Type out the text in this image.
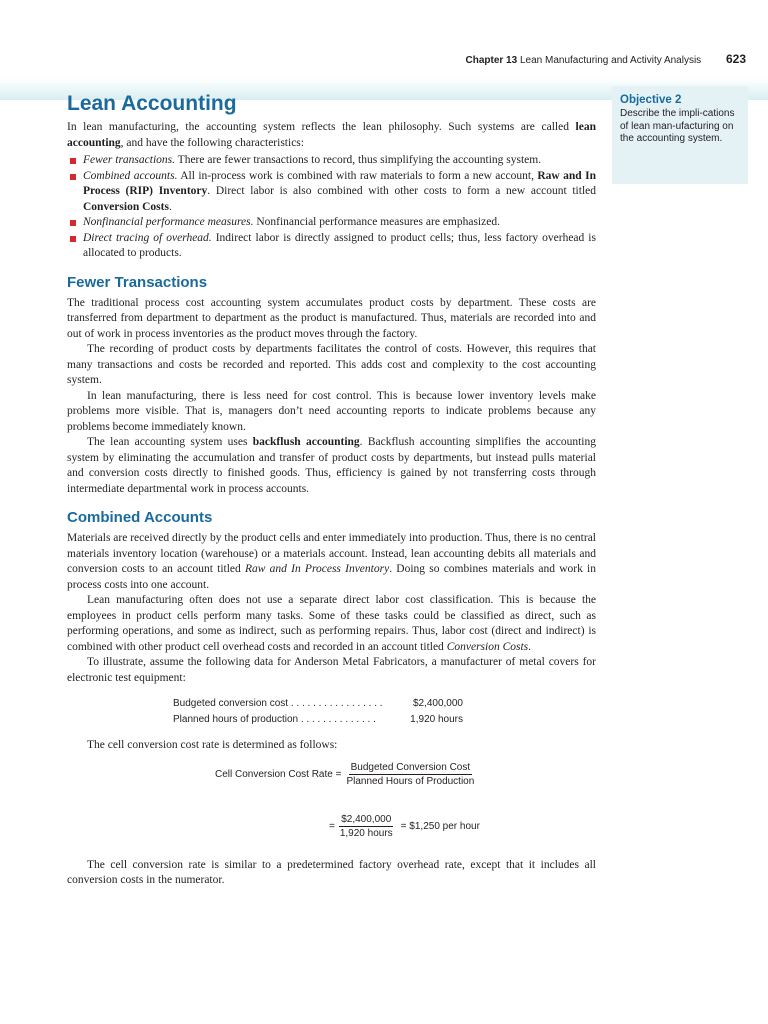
Chapter 13 Lean Manufacturing and Activity Analysis 623
Objective 2
Describe the impli-cations of lean man-ufacturing on the accounting system.
Lean Accounting

In lean manufacturing, the accounting system reflects the lean philosophy. Such systems are called lean accounting, and have the following characteristics:

Fewer transactions. There are fewer transactions to record, thus simplifying the accounting system.
Combined accounts. All in-process work is combined with raw materials to form a new account, Raw and In Process (RIP) Inventory. Direct labor is also combined with other costs to form a new account titled Conversion Costs.
Nonfinancial performance measures. Nonfinancial performance measures are emphasized.
Direct tracing of overhead. Indirect labor is directly assigned to product cells; thus, less factory overhead is allocated to products.
Fewer Transactions

The traditional process cost accounting system accumulates product costs by department. These costs are transferred from department to department as the product is manufactured. Thus, materials are recorded into and out of work in process inventories as the product moves through the factory.

The recording of product costs by departments facilitates the control of costs. However, this requires that many transactions and costs be recorded and reported. This adds cost and complexity to the cost accounting system.

In lean manufacturing, there is less need for cost control. This is because lower inventory levels make problems more visible. That is, managers don’t need accounting reports to indicate problems because any problems become immediately known.

The lean accounting system uses backflush accounting. Backflush accounting simplifies the accounting system by eliminating the accumulation and transfer of product costs by departments, but instead pulls material and conversion costs directly to finished goods. Thus, efficiency is gained by not transferring costs through intermediate departmental work in process accounts.

Combined Accounts

Materials are received directly by the product cells and enter immediately into production. Thus, there is no central materials inventory location (warehouse) or a materials account. Instead, lean accounting debits all materials and conversion costs to an account titled Raw and In Process Inventory. Doing so combines materials and work in process costs into one account.

Lean manufacturing often does not use a separate direct labor cost classification. This is because the employees in product cells perform many tasks. Some of these tasks could be classified as direct, such as performing operations, and some as indirect, such as performing repairs. Thus, labor cost (direct and indirect) is combined with other product cell overhead costs and recorded in an account titled Conversion Costs.

To illustrate, assume the following data for Anderson Metal Fabricators, a manufacturer of metal covers for electronic test equipment:

Budgeted conversion cost . . . . . . . . . . . . . . . . .	$2,400,000
Planned hours of production . . . . . . . . . . . . . .	1,920 hours

The cell conversion cost rate is determined as follows:

Cell Conversion Cost Rate = $\frac{\text{Budgeted Conversion Cost}}{\text{Planned Hours of Production}}$
= $\frac{\$2,400,000}{\text{1,920 hours}}$ = $1,250 per hour

The cell conversion rate is similar to a predetermined factory overhead rate, except that it includes all conversion costs in the numerator.
